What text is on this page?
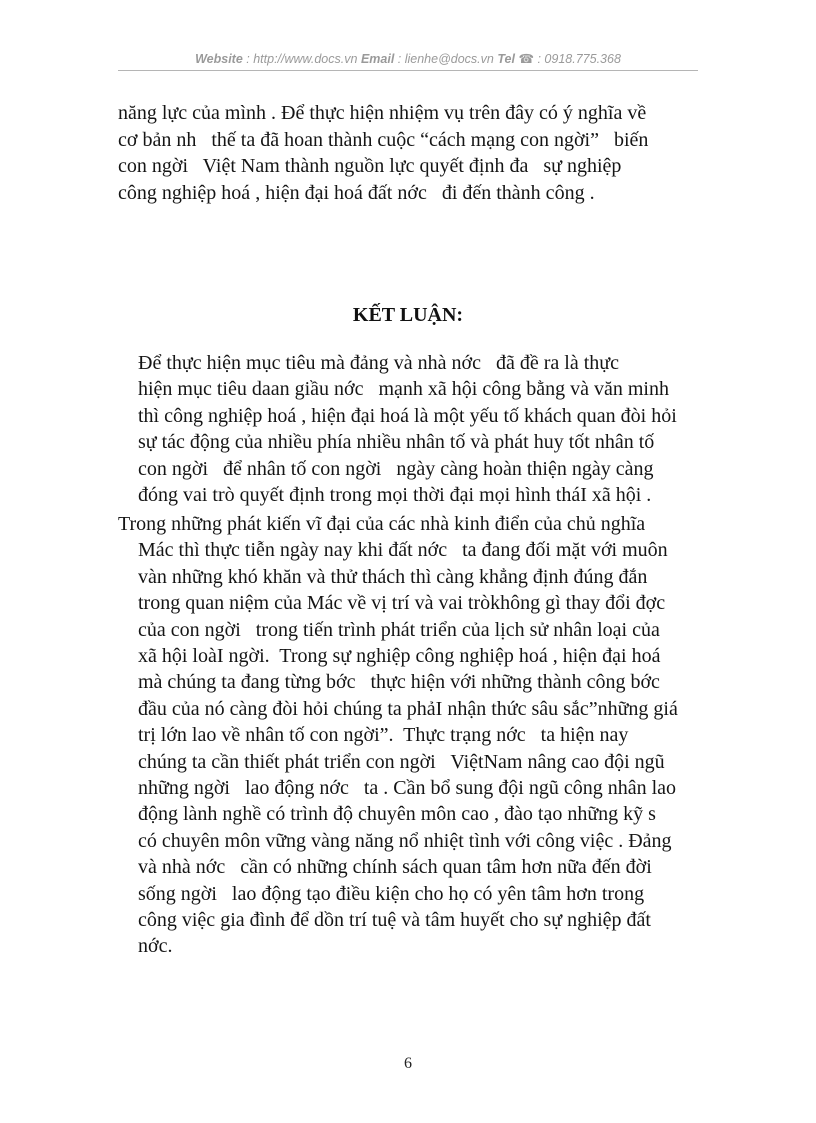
Website : http://www.docs.vn Email : lienhe@docs.vn Tel ☎ : 0918.775.368
năng lực của mình . Để thực hiện nhiệm vụ trên đây có ý nghĩa về
cơ bản nh   thế ta đã hoan thành cuộc “cách mạng con ngời”   biến
con ngời   Việt Nam thành nguồn lực quyết định đa   sự nghiệp
công nghiệp hoá , hiện đại hoá đất nớc   đi đến thành công .
KẾT LUẬN:
Để thực hiện mục tiêu mà đảng và nhà nớc   đã đề ra là thực
hiện mục tiêu daan giầu nớc   mạnh xã hội công bằng và văn minh
thì công nghiệp hoá , hiện đại hoá là một yếu tố khách quan đòi hỏi
sự tác động của nhiều phía nhiều nhân tố và phát huy tốt nhân tố
con ngời   để nhân tố con ngời   ngày càng hoàn thiện ngày càng
đóng vai trò quyết định trong mọi thời đại mọi hình tháI xã hội .
Trong những phát kiến vĩ đại của các nhà kinh điển của chủ nghĩa
Mác thì thực tiễn ngày nay khi đất nớc   ta đang đối mặt với muôn
vàn những khó khăn và thử thách thì càng khẳng định đúng đắn
trong quan niệm của Mác về vị trí và vai tròkhông gì thay đổi đợc
của con ngời   trong tiến trình phát triển của lịch sử nhân loại của
xã hội loàI ngời.  Trong sự nghiệp công nghiệp hoá , hiện đại hoá
mà chúng ta đang từng bớc   thực hiện với những thành công bớc
đầu của nó càng đòi hỏi chúng ta phảI nhận thức sâu sắc”những giá
trị lớn lao về nhân tố con ngời”.  Thực trạng nớc   ta hiện nay
chúng ta cần thiết phát triển con ngời   ViệtNam nâng cao đội ngũ
những ngời   lao động nớc   ta . Cần bổ sung đội ngũ công nhân lao
động lành nghề có trình độ chuyên môn cao , đào tạo những kỹ s
có chuyên môn vững vàng năng nổ nhiệt tình với công việc . Đảng
và nhà nớc   cần có những chính sách quan tâm hơn nữa đến đời
sống ngời   lao động tạo điều kiện cho họ có yên tâm hơn trong
công việc gia đình để dồn trí tuệ và tâm huyết cho sự nghiệp đất
nớc.
6
